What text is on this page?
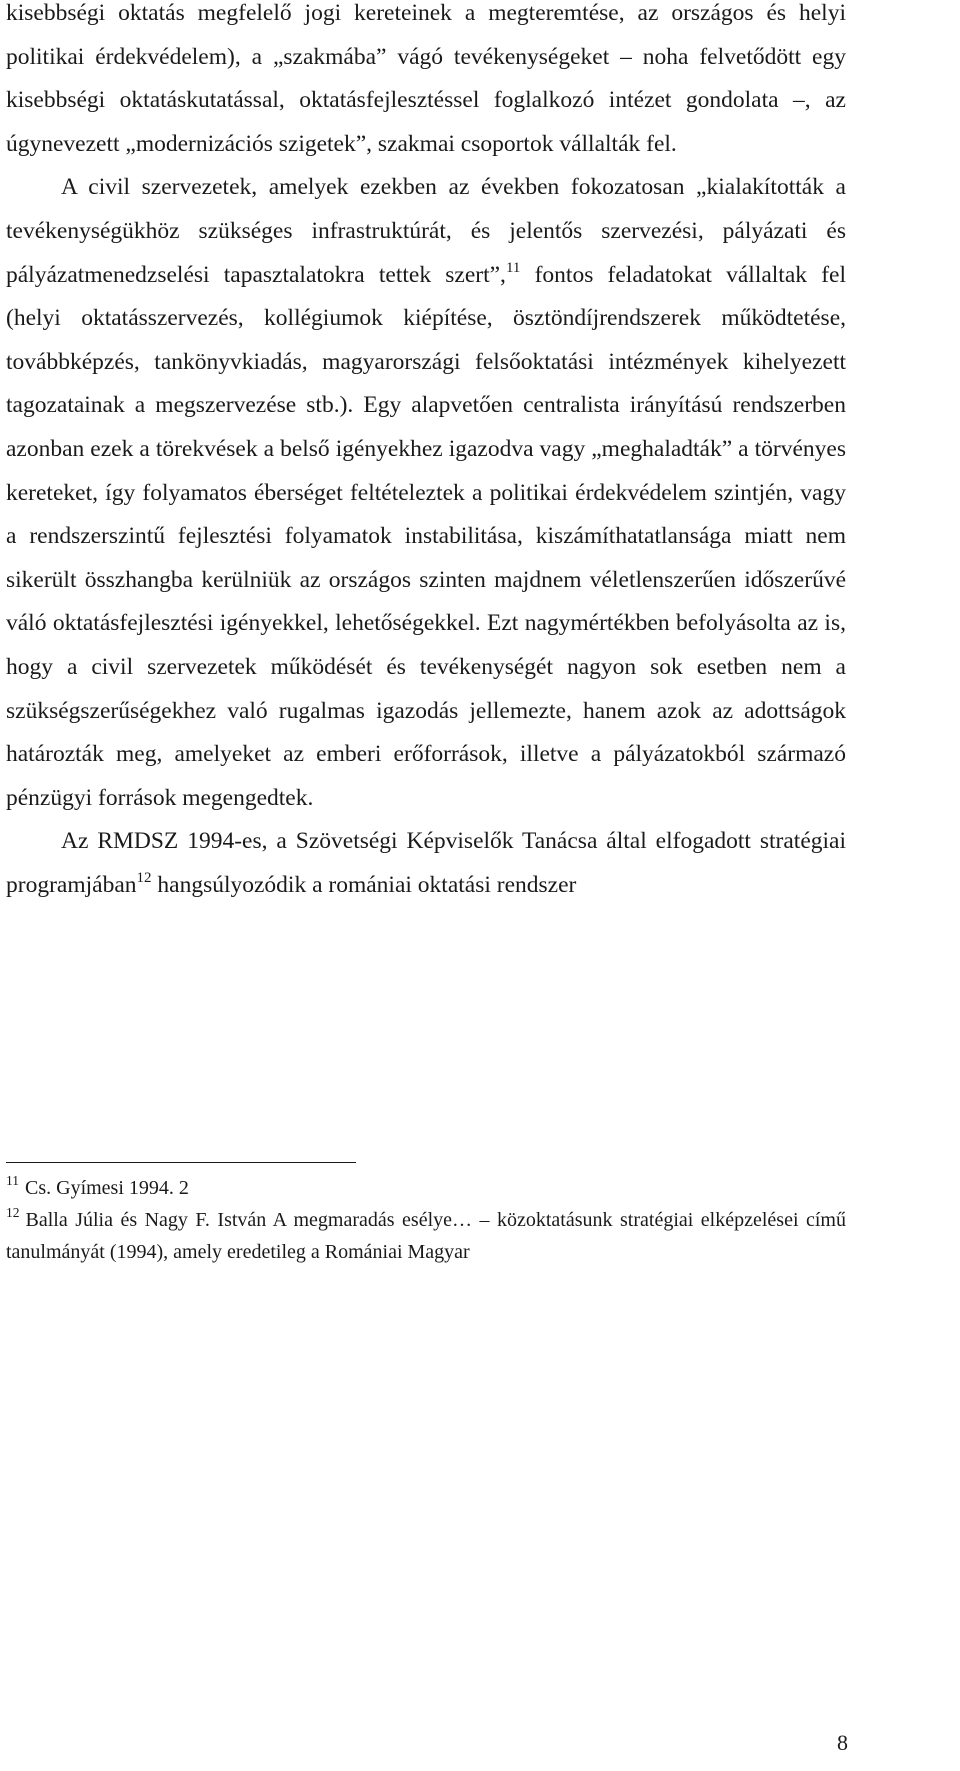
kisebbségi oktatás megfelelő jogi kereteinek a megteremtése, az országos és helyi politikai érdekvédelem), a „szakmába” vágó tevékenységeket – noha felvetődött egy kisebbségi oktatáskutatással, oktatásfejlesztéssel foglalkozó intézet gondolata –, az úgynevezett „modernizációs szigetek”, szakmai csoportok vállalták fel.

A civil szervezetek, amelyek ezekben az években fokozatosan „kialakították a tevékenységükhöz szükséges infrastruktúrát, és jelentős szervezési, pályázati és pályázatmenedzselési tapasztalatokra tettek szert”,$^{11}$ fontos feladatokat vállaltak fel (helyi oktatásszervezés, kollégiumok kiépítése, ösztöndíjrendszerek működtetése, továbbképzés, tankönyvkiadás, magyarországi felsőoktatási intézmények kihelyezett tagozatainak a megszervezése stb.). Egy alapvetően centralista irányítású rendszerben azonban ezek a törekvések a belső igényekhez igazodva vagy „meghaladták” a törvényes kereteket, így folyamatos éberséget feltételeztek a politikai érdekvédelem szintjén, vagy a rendszerszintű fejlesztési folyamatok instabilitása, kiszámíthatatlansága miatt nem sikerült összhangba kerülniük az országos szinten majdnem véletlenszerűen időszerűvé váló oktatásfejlesztési igényekkel, lehetőségekkel. Ezt nagymértékben befolyásolta az is, hogy a civil szervezetek működését és tevékenységét nagyon sok esetben nem a szükségszerűségekhez való rugalmas igazodás jellemezte, hanem azok az adottságok határozták meg, amelyeket az emberi erőforrások, illetve a pályázatokból származó pénzügyi források megengedtek.

Az RMDSZ 1994-es, a Szövetségi Képviselők Tanácsa által elfogadott stratégiai programjában$^{12}$ hangsúlyozódik a romániai oktatási rendszer

$^{11}$ Cs. Gyímesi 1994. 2

$^{12}$ Balla Júlia és Nagy F. István A megmaradás esélye… – közoktatásunk stratégiai elképzelései című tanulmányát (1994), amely eredetileg a Romániai Magyar

8
